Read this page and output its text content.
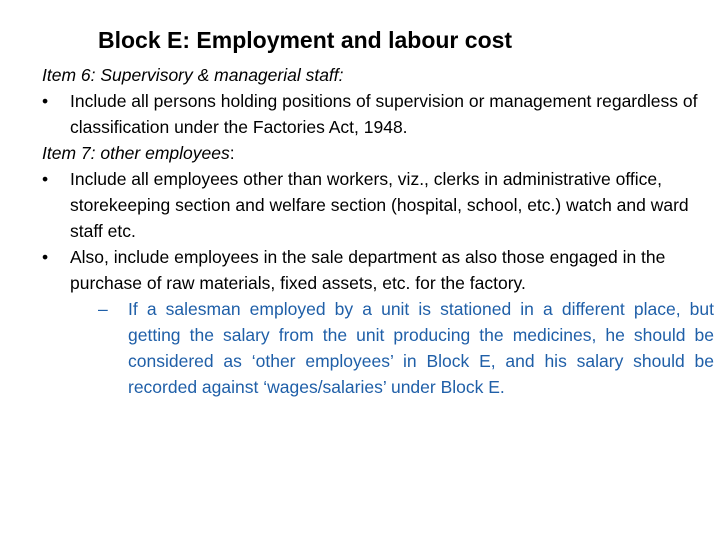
Block E: Employment and labour cost
Item 6: Supervisory & managerial staff:
•	Include all persons holding positions of supervision or management regardless of classification under the Factories Act, 1948.
Item 7: other employees:
•	Include all employees other than workers, viz., clerks in administrative office, storekeeping section and welfare section (hospital, school, etc.) watch and ward staff etc.
•	Also, include employees in the sale department as also those engaged in the purchase of raw materials, fixed assets, etc. for the factory.
–	If a salesman employed by a unit is stationed in a different place, but getting the salary from the unit producing the medicines, he should be considered as ‘other employees’ in Block E, and his salary should be recorded against ‘wages/salaries’ under Block E.
